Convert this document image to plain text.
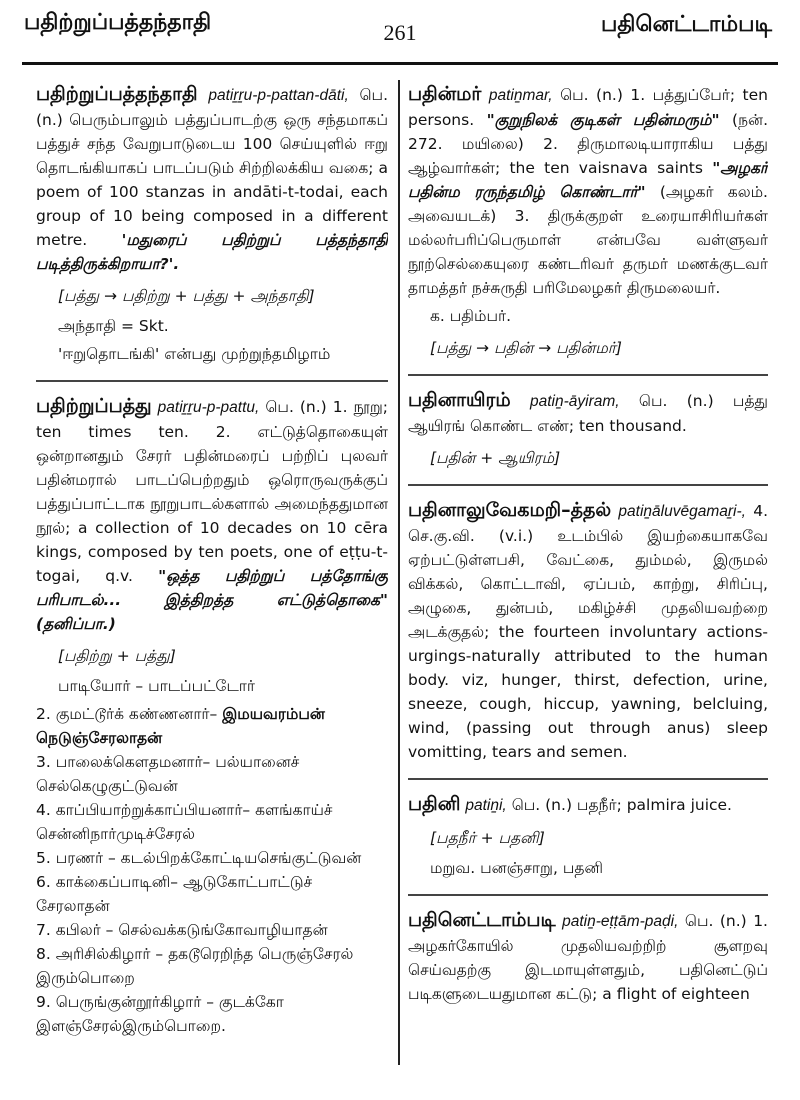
பதிற்றுப்பத்தந்தாதி	261	பதினெட்டாம்படி

பதிற்றுப்பத்தந்தாதி patiṟṟu-p-pattan-dāti, பெ. (n.) பெரும்பாலும் பத்துப்பாடற்கு ஒரு சந்தமாகப் பத்துச் சந்த வேறுபாடுடைய 100 செய்யுளில் ஈறு தொடங்கியாகப் பாடப்படும் சிற்றிலக்கிய வகை; a poem of 100 stanzas in andāti-t-todai, each group of 10 being composed in a different metre. 'மதுரைப் பதிற்றுப் பத்தந்தாதி படித்திருக்கிறாயா?'.

[பத்து → பதிற்று + பத்து + அந்தாதி]
அந்தாதி = Skt.
'ஈறுதொடங்கி' என்பது முற்றுந்தமிழாம்

பதிற்றுப்பத்து patiṟṟu-p-pattu, பெ. (n.) 1. நூறு; ten times ten. 2. எட்டுத்தொகையுள் ஒன்றானதும் சேரர் பதின்மரைப் பற்றிப் புலவர் பதின்மரால் பாடப்பெற்றதும் ஒரொருவருக்குப் பத்துப்பாட்டாக நூறுபாடல்களால் அமைந்ததுமான நூல்; a collection of 10 decades on 10 cēra kings, composed by ten poets, one of eṭṭu-t-togai, q.v. "ஒத்த பதிற்றுப் பத்தோங்கு பரிபாடல்... இத்திறத்த எட்டுத்தொகை" (தனிப்பா.)

[பதிற்று + பத்து]
பாடியோர் – பாடப்பட்டோர்

2. குமட்டூர்க் கண்ணனார்– இமயவரம்பன் நெடுஞ்சேரலாதன்

3. பாலைக்கௌதமனார்– பல்யானைச் செல்கெழுகுட்டுவன்

4. காப்பியாற்றுக்காப்பியனார்– களங்காய்ச் சென்னிநார்முடிச்சேரல்

5. பரணர் – கடல்பிறக்கோட்டியசெங்குட்டுவன்

6. காக்கைப்பாடினி– ஆடுகோட்பாட்டுச் சேரலாதன்

7. கபிலர் – செல்வக்கடுங்கோவாழியாதன்

8. அரிசில்கிழார் – தகடூரெறிந்த பெருஞ்சேரல் இரும்பொறை

9. பெருங்குன்றூர்கிழார் – குடக்கோ இளஞ்சேரல்இரும்பொறை.

பதின்மர் patiṉmar, பெ. (n.) 1. பத்துப்பேர்; ten persons. "குறுநிலக் குடிகள் பதின்மரும்" (நன். 272. மயிலை) 2. திருமாலடியாராகிய பத்து ஆழ்வார்கள்; the ten vaisnava saints "அழகர் பதின்ம ரருந்தமிழ் கொண்டார்" (அழகர் கலம். அவையடக்) 3. திருக்குறள் உரையாசிரியர்கள் மல்லர்பரிப்பெருமாள் என்பவே வள்ளுவர் நூற்செல்கையுரை கண்டரிவர் தருமர் மணக்குடவர் தாமத்தர் நச்சுருதி பரிமேலழகர் திருமலையர்.

க. பதிம்பர்.
[பத்து → பதின் → பதின்மர்]

பதினாயிரம் patiṉ-āyiram, பெ. (n.) பத்து ஆயிரங் கொண்ட எண்; ten thousand.

[பதின் + ஆயிரம்]

பதினாலுவேகமறி–த்தல் patiṉāluvēgamaṟi-, 4. செ.கு.வி. (v.i.) உடம்பில் இயற்கையாகவே ஏற்பட்டுள்ளபசி, வேட்கை, தும்மல், இருமல் விக்கல், கொட்டாவி, ஏப்பம், காற்று, சிரிப்பு, அழுகை, துன்பம், மகிழ்ச்சி முதலியவற்றை அடக்குதல்; the fourteen involuntary actions-urgings-naturally attributed to the human body. viz, hunger, thirst, defection, urine, sneeze, cough, hiccup, yawning, belcluing, wind, (passing out through anus) sleep vomitting, tears and semen.

பதினி patiṉi, பெ. (n.) பதநீர்; palmira juice.

[பதநீர் + பதனி]
மறுவ. பனஞ்சாறு, பதனி

பதினெட்டாம்படி patiṉ-eṭṭām-paḍi, பெ. (n.) 1. அழகர்கோயில் முதலியவற்றிற் சூளறவு செய்வதற்கு இடமாயுள்ளதும், பதினெட்டுப் படிகளுடையதுமான கட்டு; a flight of eighteen
